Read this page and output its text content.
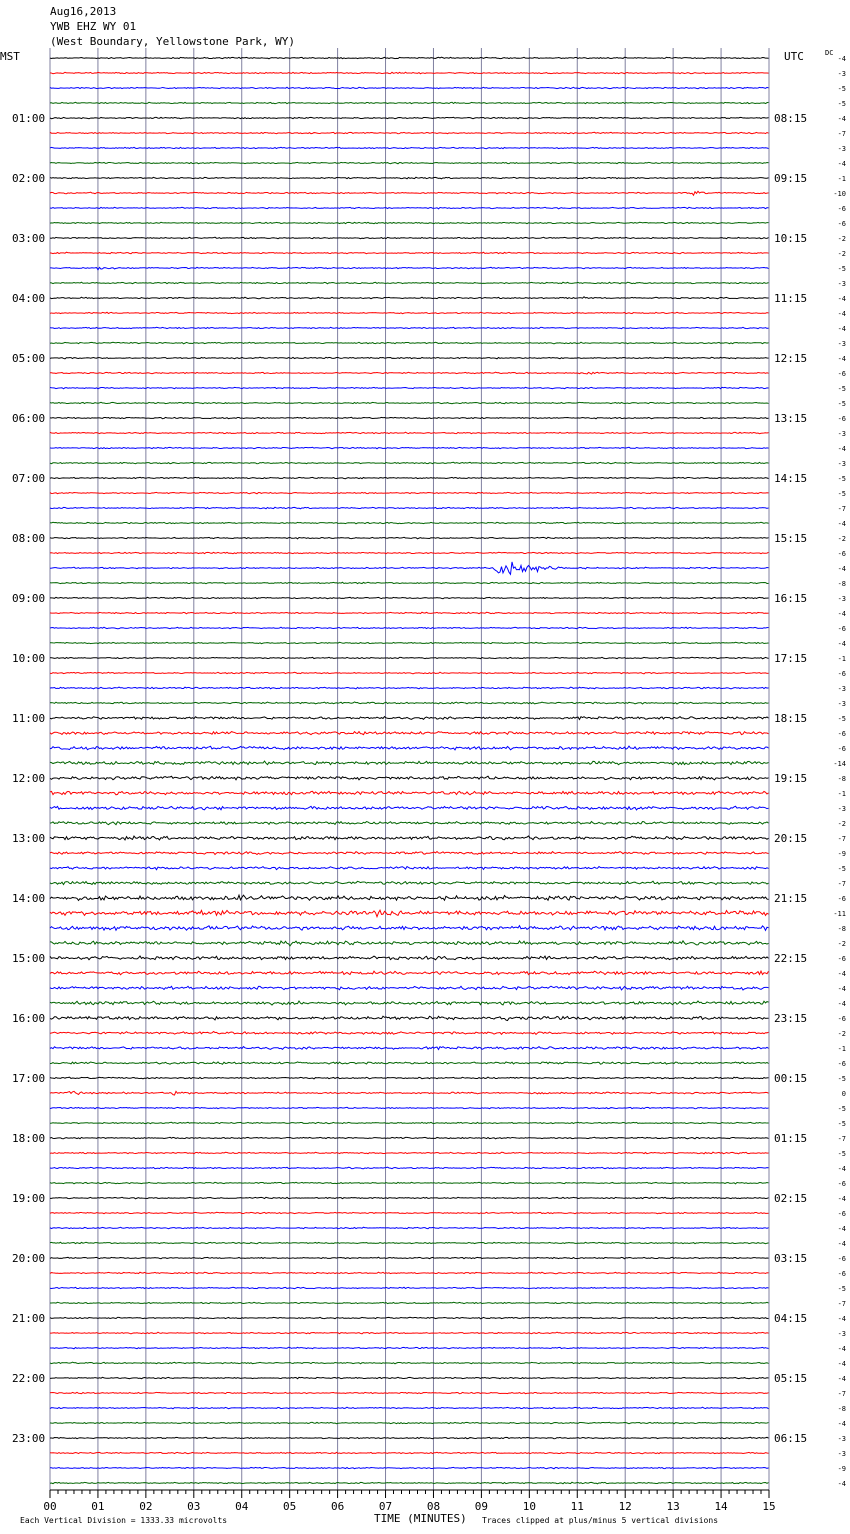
01:00
02:00
03:00
04:00
05:00
06:00
07:00
08:00
09:00
10:00
11:00
12:00
13:00
14:00
15:00
16:00
17:00
18:00
19:00
20:00
21:00
22:00
23:00
08:15
09:15
10:15
11:15
12:15
13:15
14:15
15:15
16:15
17:15
18:15
19:15
20:15
21:15
22:15
23:15
00:15
01:15
02:15
03:15
04:15
05:15
06:15
-4
-3
-5
-5
-4
-7
-3
-4
-1
-10
-6
-6
-2
-2
-5
-3
-4
-4
-4
-3
-4
-6
-5
-5
-6
-3
-4
-3
-5
-5
-7
-4
-2
-6
-4
-8
-3
-4
-6
-4
-1
-6
-3
-3
-5
-6
-6
-14
-8
-1
-3
-2
-7
-9
-5
-7
-6
-11
-8
-2
-6
-4
-4
-4
-6
-2
-1
-6
-5
0
-5
-5
-7
-5
-4
-6
-4
-6
-4
-4
-6
-6
-5
-7
-4
-3
-4
-4
-4
-7
-8
-4
-3
-3
-9
-4
00	01	02	03	04	05	06	07	08	09	10	11	12	13	14	15
Aug16,2013
YWB EHZ WY 01
(West Boundary, Yellowstone Park, WY)
MST	UTC	DC
Each Vertical Division = 1333.33 microvolts	TIME (MINUTES) Traces clipped at plus/minus 5 vertical divisions
